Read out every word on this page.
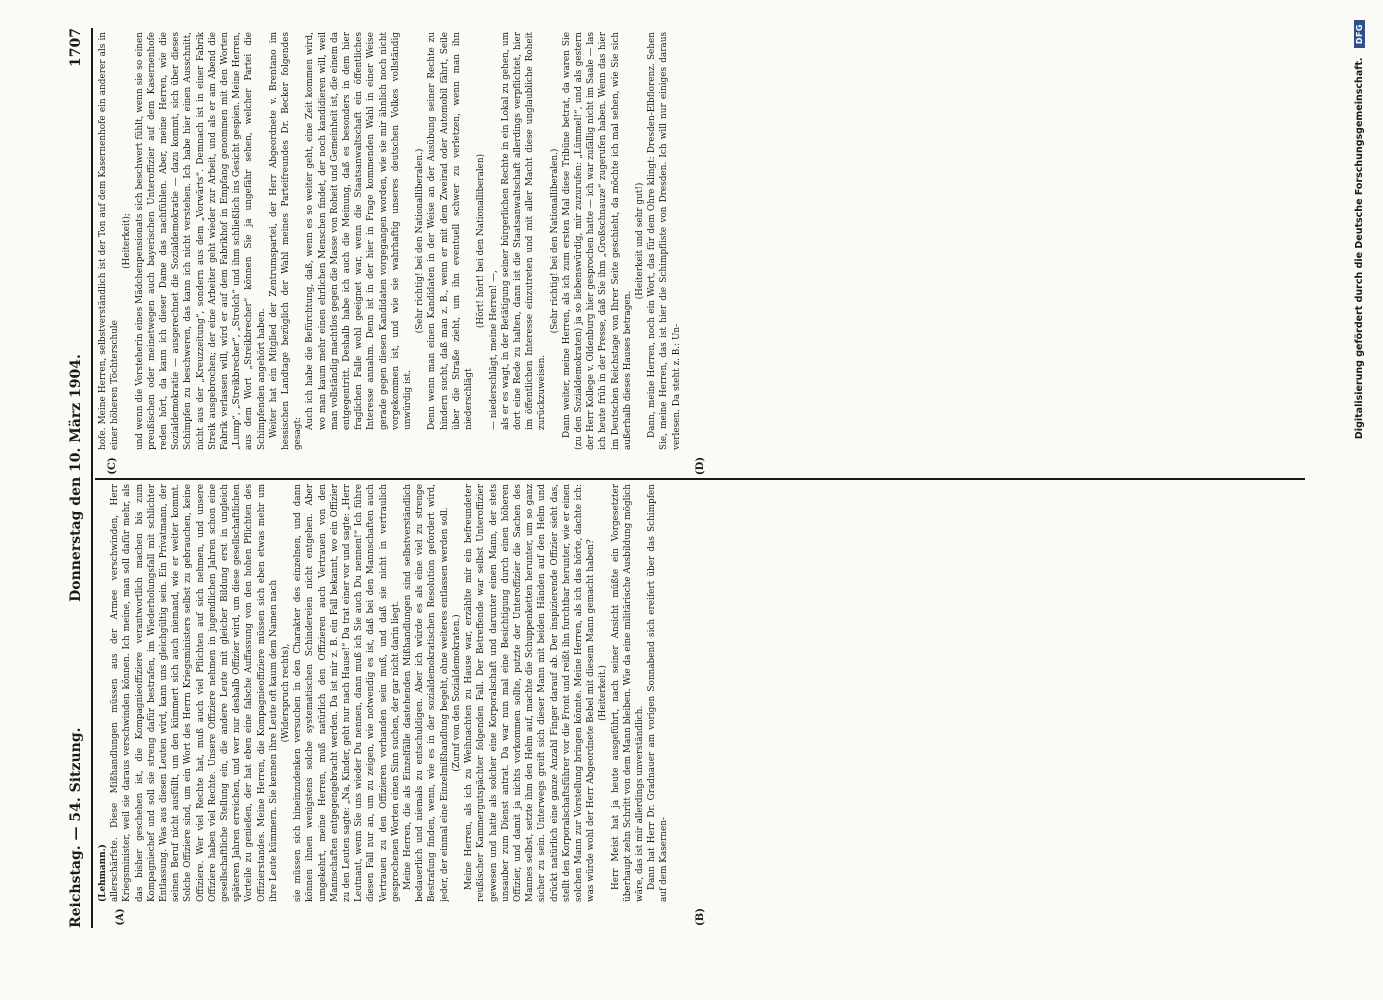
Reichstag. — 54. Sitzung.
Donnerstag den 10. März 1904.
1707
(A)	(B)
(C)	(D)

(Lehmann.) allerschärfste. Diese Mißhandlungen müssen aus der Armee verschwinden, Herr Kriegsminister, weil sie daraus verschwinden können. Ich meine, man soll dafür mehr, als das bisher geschehen ist, die Kompagnieoffiziere verantwortlich machen bis zum Kompagniechef und soll sie streng dafür bestrafen, im Wiederholungsfall mit schlichter Entlassung. Was aus diesen Leuten wird, kann uns gleichgültig sein. Ein Privatmann, der seinen Beruf nicht ausfüllt, um den kümmert sich auch niemand, wie er weiter kommt. Solche Offiziere sind, um ein Wort des Herrn Kriegsministers selbst zu gebrauchen, keine Offiziere. Wer viel Rechte hat, muß auch viel Pflichten auf sich nehmen, und unsere Offiziere haben viel Rechte. Unsere Offiziere nehmen in jugendlichen Jahren schon eine gesellschaftliche Stellung ein, die andere Leute mit gleicher Bildung erst in ungleich späteren Jahren erreichen, und wer nur deshalb Offizier wird, um diese gesellschaftlichen Vorteile zu genießen, der hat eben eine falsche Auffassung von den hohen Pflichten des Offizierstandes. Meine Herren, die Kompagnieoffiziere müssen sich eben etwas mehr um ihre Leute kümmern. Sie kennen ihre Leute oft kaum dem Namen nach (Widerspruch rechts), sie müssen sich hineinzudenken versuchen in den Charakter des einzelnen, und dann können ihnen wenigstens solche systematischen Schindereien nicht entgehen. Aber umgekehrt, meine Herren, muß natürlich den Offizieren auch Vertrauen von den Mannschaften entgegengebracht werden. Da ist mir z. B. ein Fall bekannt, wo ein Offizier zu den Leuten sagte: „Na, Kinder, geht nur nach Hause!“ Da trat einer vor und sagte: „Herr Leutnant, wenn Sie uns wieder Du nennen, dann muß ich Sie auch Du nennen!“ Ich führe diesen Fall nur an, um zu zeigen, wie notwendig es ist, daß bei den Mannschaften auch Vertrauen zu den Offizieren vorhanden sein muß, und daß sie nicht in vertraulich gesprochenen Worten einen Sinn suchen, der gar nicht darin liegt. Meine Herren, die als Einzelfälle dastehenden Mißhandlungen sind selbstverständlich bedauerlich und niemals zu entschuldigen. Aber ich würde es als eine viel zu strenge Bestrafung finden, wenn, wie es in der sozialdemokratischen Resolution gefordert wird, jeder, der einmal eine Einzelmißhandlung begeht, ohne weiteres entlassen werden soll. (Zuruf von den Sozialdemokraten.) Meine Herren, als ich zu Weihnachten zu Hause war, erzählte mir ein befreundeter reußischer Kammergutspächter folgenden Fall. Der Betreffende war selbst Unteroffizier gewesen und hatte als solcher eine Korporalschaft und darunter einen Mann, der stets unsauber zum Dienst antrat. Da war nun mal eine Besichtigung durch einen höheren Offizier, und damit ja nichts vorkommen sollte, putzte der Unteroffizier die Sachen des Mannes selbst, setzte ihm den Helm auf, machte die Schuppenketten herunter, um so ganz sicher zu sein. Unterwegs greift sich dieser Mann mit beiden Händen auf den Helm und drückt natürlich eine ganze Anzahl Finger darauf ab. Der inspizierende Offizier sieht das, stellt den Korporalschaftsführer vor die Front und reißt ihn furchtbar herunter, wie er einen solchen Mann zur Vorstellung bringen könnte. Meine Herren, als ich das hörte, dachte ich: was würde wohl der Herr Abgeordnete Bebel mit diesem Mann gemacht haben? (Heiterkeit.) Herr Meist hat ja heute ausgeführt, nach seiner Ansicht müßte ein Vorgesetzter überhaupt zehn Schritt von dem Mann bleiben. Wie da eine militärische Ausbildung möglich wäre, das ist mir allerdings unverständlich. Dann hat Herr Dr. Gradnauer am vorigen Sonnabend sich ereifert über das Schimpfen auf dem Kasernen-

hofe. Meine Herren, selbstverständlich ist der Ton auf dem Kasernenhofe ein anderer als in einer höheren Töchterschule

(Heiterkeit); und wenn die Vorsteherin eines Mädchenpensionats sich beschwert fühlt, wenn sie so einen preußischen oder meinetwegen auch bayerischen Unteroffizier auf dem Kasernenhofe reden hört, da kann ich dieser Dame das nachfühlen. Aber, meine Herren, wie die Sozialdemokratie — ausgerechnet die Sozialdemokratie — dazu kommt, sich über dieses Schimpfen zu beschweren, das kann ich nicht verstehen. Ich habe hier einen Ausschnitt, nicht aus der „Kreuzzeitung“, sondern aus dem „Vorwärts“. Demnach ist in einer Fabrik Streik ausgebrochen; der eine Arbeiter geht wieder zur Arbeit, und als er am Abend die Fabrik verlassen will, wird er auf dem Fabrikhof in Empfang genommen mit den Worten „Lump“, „Streikbrecher“, „Strolch“ und ihm schließlich ins Gesicht gespien. Meine Herren, aus dem Wort „Streikbrecher“ können Sie ja ungefähr sehen, welcher Partei die Schimpfenden angehört haben. Weiter hat ein Mitglied der Zentrumspartei, der Herr Abgeordnete v. Brentano im hessischen Landtage bezüglich der Wahl meines Parteifreundes Dr. Becker folgendes gesagt:

Auch ich habe die Befürchtung, daß, wenn es so weiter geht, eine Zeit kommen wird, wo man kaum mehr einen ehrlichen Menschen findet, der noch kandidieren will, weil man vollständig machtlos gegen die Masse von Roheit und Gemeinheit ist, die einem da entgegentritt. Deshalb habe ich auch die Meinung, daß es besonders in dem hier fraglichen Falle wohl geeignet war, wenn die Staatsanwaltschaft ein öffentliches Interesse annahm. Denn ist in der hier in Frage kommenden Wahl in einer Weise gerade gegen diesen Kandidaten vorgegangen worden, wie sie mir ähnlich noch nicht vorgekommen ist, und wie sie wahrhaftig unseres deutschen Volkes vollständig unwürdig ist.

(Sehr richtig! bei den Nationalliberalen.) Denn wenn man einen Kandidaten in der Weise an der Ausübung seiner Rechte zu hindern sucht, daß man z. B., wenn er mit dem Zweirad oder Automobil fährt, Seile über die Straße zieht, um ihn eventuell schwer zu verletzen, wenn man ihn niederschlägt

(Hört! hört! bei den Nationalliberalen)

— niederschlägt, meine Herren! —, als er es wagt, in der Betätigung seiner bürgerlichen Rechte in ein Lokal zu gehen, um dort eine Rede zu halten, dann ist die Staatsanwaltschaft allerdings verpflichtet, hier im öffentlichen Interesse einzutreten und mit aller Macht diese unglaubliche Roheit zurückzuweisen.

(Sehr richtig! bei den Nationalliberalen.) Dann weiter, meine Herren, als ich zum ersten Mal diese Tribüne betrat, da waren Sie (zu den Sozialdemokraten) ja so liebenswürdig, mir zuzurufen: „Lümmel!“, und als gestern der Herr Kollege v. Oldenburg hier gesprochen hatte — ich war zufällig nicht im Saale — las ich heute früh in der Presse, daß Sie ihm „Großschnauze“ zugerufen haben. Wenn das hier im Deutschen Reichstage von Ihrer Seite geschieht, da möchte ich mal sehen, wie Sie sich außerhalb dieses Hauses betragen.

(Heiterkeit und sehr gut!) Dann, meine Herren, noch ein Wort, das für dem Ohre klingt: Dresden-Elbflorenz. Sehen Sie, meine Herren, das ist hier die Schimpfliste von Dresden. Ich will nur einiges daraus verlesen. Da steht z. B.: Un-	Digitalisierung gefördert durch die Deutsche Forschungsgemeinschaft. DFG
